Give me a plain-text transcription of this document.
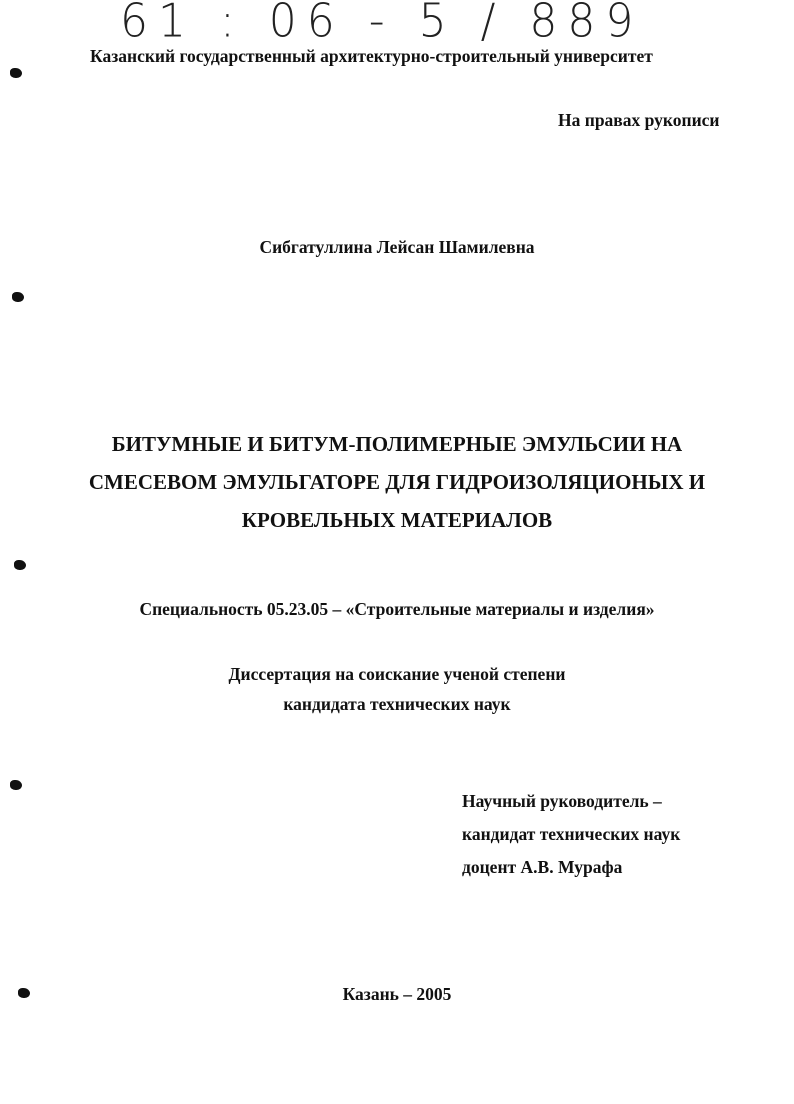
61 : 06 - 5 / 889
Казанский государственный архитектурно-строительный университет
На правах рукописи
Сибгатуллина Лейсан Шамилевна
БИТУМНЫЕ И БИТУМ-ПОЛИМЕРНЫЕ ЭМУЛЬСИИ НА
СМЕСЕВОМ ЭМУЛЬГАТОРЕ ДЛЯ ГИДРОИЗОЛЯЦИОНЫХ И
КРОВЕЛЬНЫХ МАТЕРИАЛОВ
Специальность 05.23.05 – «Строительные материалы и изделия»
Диссертация на соискание ученой степени
кандидата технических наук
Научный руководитель –
кандидат технических наук
доцент А.В. Мурафа
Казань – 2005
